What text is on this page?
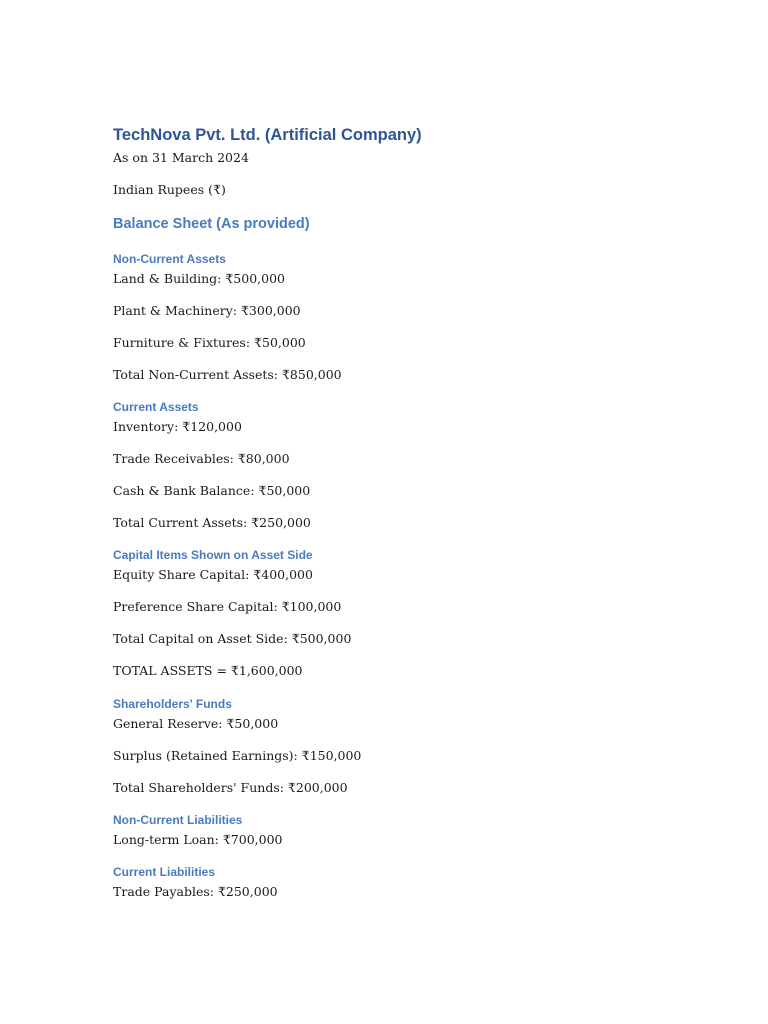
TechNova Pvt. Ltd. (Artificial Company)

As on 31 March 2024

Indian Rupees (₹)

Balance Sheet (As provided)
Non-Current Assets

Land & Building: ₹500,000

Plant & Machinery: ₹300,000

Furniture & Fixtures: ₹50,000

Total Non-Current Assets: ₹850,000

Current Assets

Inventory: ₹120,000

Trade Receivables: ₹80,000

Cash & Bank Balance: ₹50,000

Total Current Assets: ₹250,000

Capital Items Shown on Asset Side

Equity Share Capital: ₹400,000

Preference Share Capital: ₹100,000

Total Capital on Asset Side: ₹500,000

TOTAL ASSETS = ₹1,600,000

Shareholders' Funds

General Reserve: ₹50,000

Surplus (Retained Earnings): ₹150,000

Total Shareholders' Funds: ₹200,000

Non-Current Liabilities

Long-term Loan: ₹700,000

Current Liabilities

Trade Payables: ₹250,000
